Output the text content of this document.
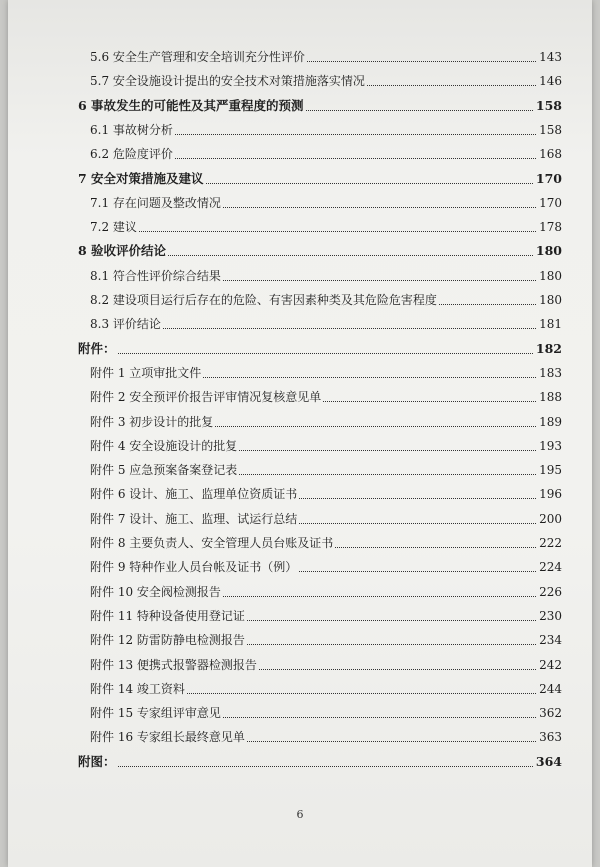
5.6 安全生产管理和安全培训充分性评价	143
5.7 安全设施设计提出的安全技术对策措施落实情况	146
6 事故发生的可能性及其严重程度的预测	158
6.1 事故树分析	158
6.2 危险度评价	168
7 安全对策措施及建议	170
7.1 存在问题及整改情况	170
7.2 建议	178
8 验收评价结论	180
8.1 符合性评价综合结果	180
8.2 建设项目运行后存在的危险、有害因素种类及其危险危害程度	180
8.3 评价结论	181
附件：	182
附件 1 立项审批文件	183
附件 2 安全预评价报告评审情况复核意见单	188
附件 3 初步设计的批复	189
附件 4 安全设施设计的批复	193
附件 5 应急预案备案登记表	195
附件 6 设计、施工、监理单位资质证书	196
附件 7 设计、施工、监理、试运行总结	200
附件 8 主要负责人、安全管理人员台账及证书	222
附件 9 特种作业人员台帐及证书（例）	224
附件 10 安全阀检测报告	226
附件 11 特种设备使用登记证	230
附件 12 防雷防静电检测报告	234
附件 13 便携式报警器检测报告	242
附件 14 竣工资料	244
附件 15 专家组评审意见	362
附件 16 专家组长最终意见单	363
附图：	364
6
